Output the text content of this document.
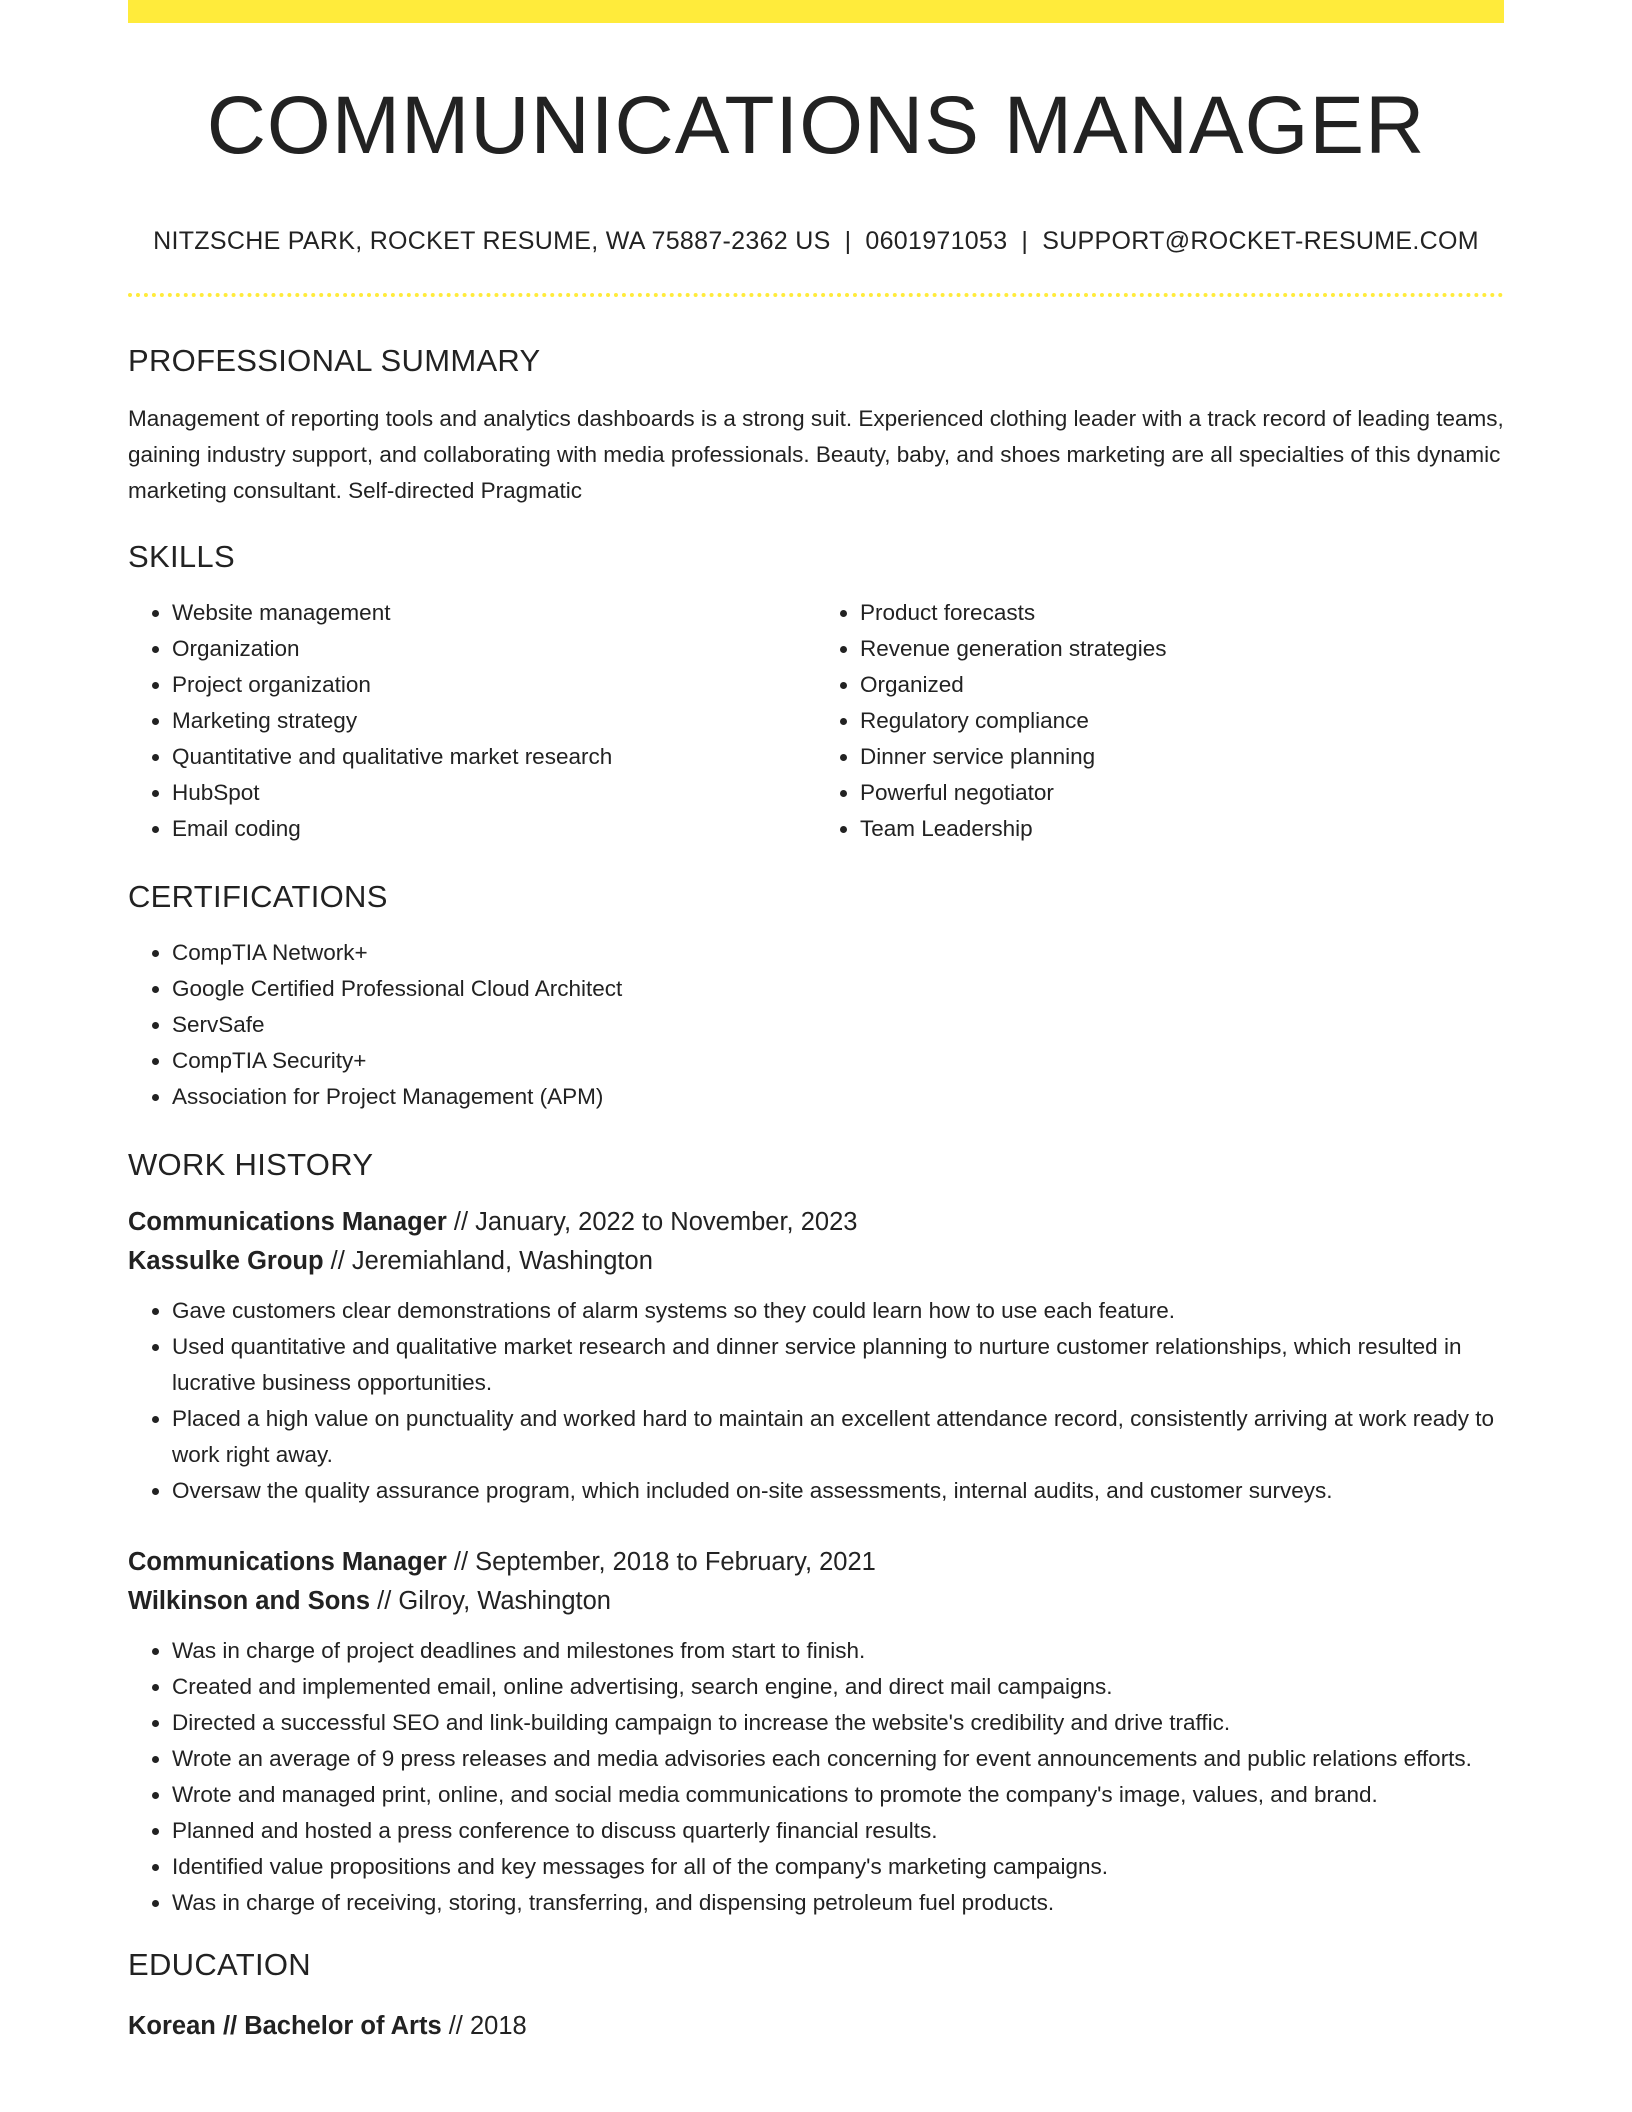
COMMUNICATIONS MANAGER
NITZSCHE PARK, ROCKET RESUME, WA 75887-2362 US | 0601971053 | SUPPORT@ROCKET-RESUME.COM
PROFESSIONAL SUMMARY
Management of reporting tools and analytics dashboards is a strong suit. Experienced clothing leader with a track record of leading teams, gaining industry support, and collaborating with media professionals. Beauty, baby, and shoes marketing are all specialties of this dynamic marketing consultant. Self-directed Pragmatic
SKILLS
• Website management
• Organization
• Project organization
• Marketing strategy
• Quantitative and qualitative market research
• HubSpot
• Email coding
• Product forecasts
• Revenue generation strategies
• Organized
• Regulatory compliance
• Dinner service planning
• Powerful negotiator
• Team Leadership
CERTIFICATIONS
• CompTIA Network+
• Google Certified Professional Cloud Architect
• ServSafe
• CompTIA Security+
• Association for Project Management (APM)
WORK HISTORY
Communications Manager // January, 2022 to November, 2023
Kassulke Group // Jeremiahland, Washington
• Gave customers clear demonstrations of alarm systems so they could learn how to use each feature.
• Used quantitative and qualitative market research and dinner service planning to nurture customer relationships, which resulted in lucrative business opportunities.
• Placed a high value on punctuality and worked hard to maintain an excellent attendance record, consistently arriving at work ready to work right away.
• Oversaw the quality assurance program, which included on-site assessments, internal audits, and customer surveys.
Communications Manager // September, 2018 to February, 2021
Wilkinson and Sons // Gilroy, Washington
• Was in charge of project deadlines and milestones from start to finish.
• Created and implemented email, online advertising, search engine, and direct mail campaigns.
• Directed a successful SEO and link-building campaign to increase the website's credibility and drive traffic.
• Wrote an average of 9 press releases and media advisories each concerning for event announcements and public relations efforts.
• Wrote and managed print, online, and social media communications to promote the company's image, values, and brand.
• Planned and hosted a press conference to discuss quarterly financial results.
• Identified value propositions and key messages for all of the company's marketing campaigns.
• Was in charge of receiving, storing, transferring, and dispensing petroleum fuel products.
EDUCATION
Korean // Bachelor of Arts // 2018
